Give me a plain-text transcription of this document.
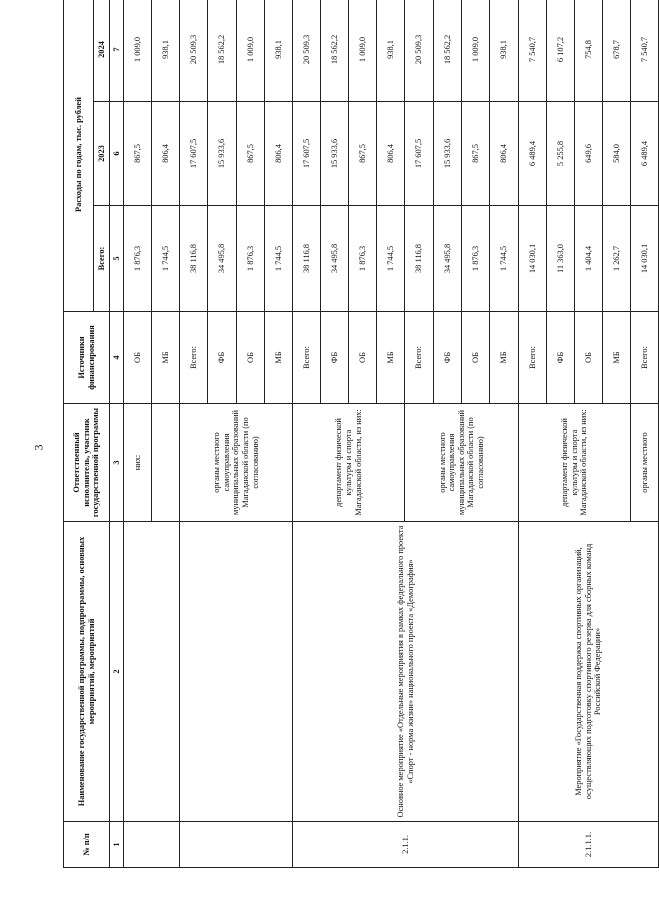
3
№ п/п	Наименование государственной программы, подпрограммы, основных мероприятий, мероприятий	Ответственный исполнитель, участник государственной программы	Источники финансирования	Расходы по годам, тыс. рублей		
				Всего:	2023	2024
1	2	3	4	5	6	7
		них:	ОБ	1 876,3	867,5	1 009,0
			МБ	1 744,5	806,4	938,1
		органы местного самоуправления муниципальных образований Магаданской области (по согласованию)	Всего:	38 116,8	17 607,5	20 509,3
			ФБ	34 495,8	15 933,6	18 562,2
			ОБ	1 876,3	867,5	1 009,0
			МБ	1 744,5	806,4	938,1
2.1.1.	Основное мероприятие «Отдельные мероприятия в рамках федерального проекта «Спорт - норма жизни» национального проекта «Демография»	департамент физической культуры и спорта Магаданской области, из них:	Всего:	38 116,8	17 607,5	20 509,3
			ФБ	34 495,8	15 933,6	18 562,2
			ОБ	1 876,3	867,5	1 009,0
			МБ	1 744,5	806,4	938,1
		органы местного самоуправления муниципальных образований Магаданской области (по согласованию)	Всего:	38 116,8	17 607,5	20 509,3
			ФБ	34 495,8	15 933,6	18 562,2
			ОБ	1 876,3	867,5	1 009,0
			МБ	1 744,5	806,4	938,1
2.1.1.1.	Мероприятие «Государственная поддержка спортивных организаций, осуществляющих подготовку спортивного резерва для сборных команд Российской Федерации»	департамент физической культуры и спорта Магаданской области, из них:	Всего:	14 030,1	6 489,4	7 540,7
			ФБ	11 363,0	5 255,8	6 107,2
			ОБ	1 404,4	649,6	754,8
			МБ	1 262,7	584,0	678,7
		органы местного	Всего:	14 030,1	6 489,4	7 540,7
